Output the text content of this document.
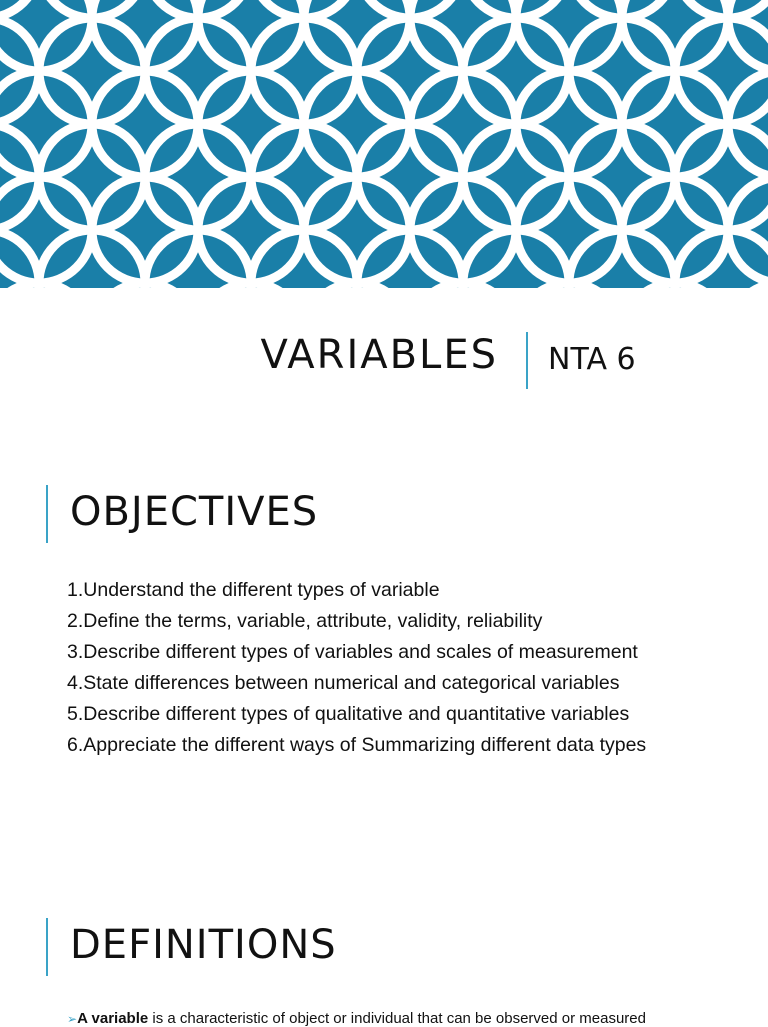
VARIABLES NTA 6
OBJECTIVES
1.Understand the different types of variable
2.Define the terms, variable, attribute, validity, reliability
3.Describe different types of variables and scales of measurement
4.State differences between numerical and categorical variables
5.Describe different types of qualitative and quantitative variables
6.Appreciate the different ways of Summarizing different data types
DEFINITIONS
➢A variable is a characteristic of object or individual that can be observed or measured
